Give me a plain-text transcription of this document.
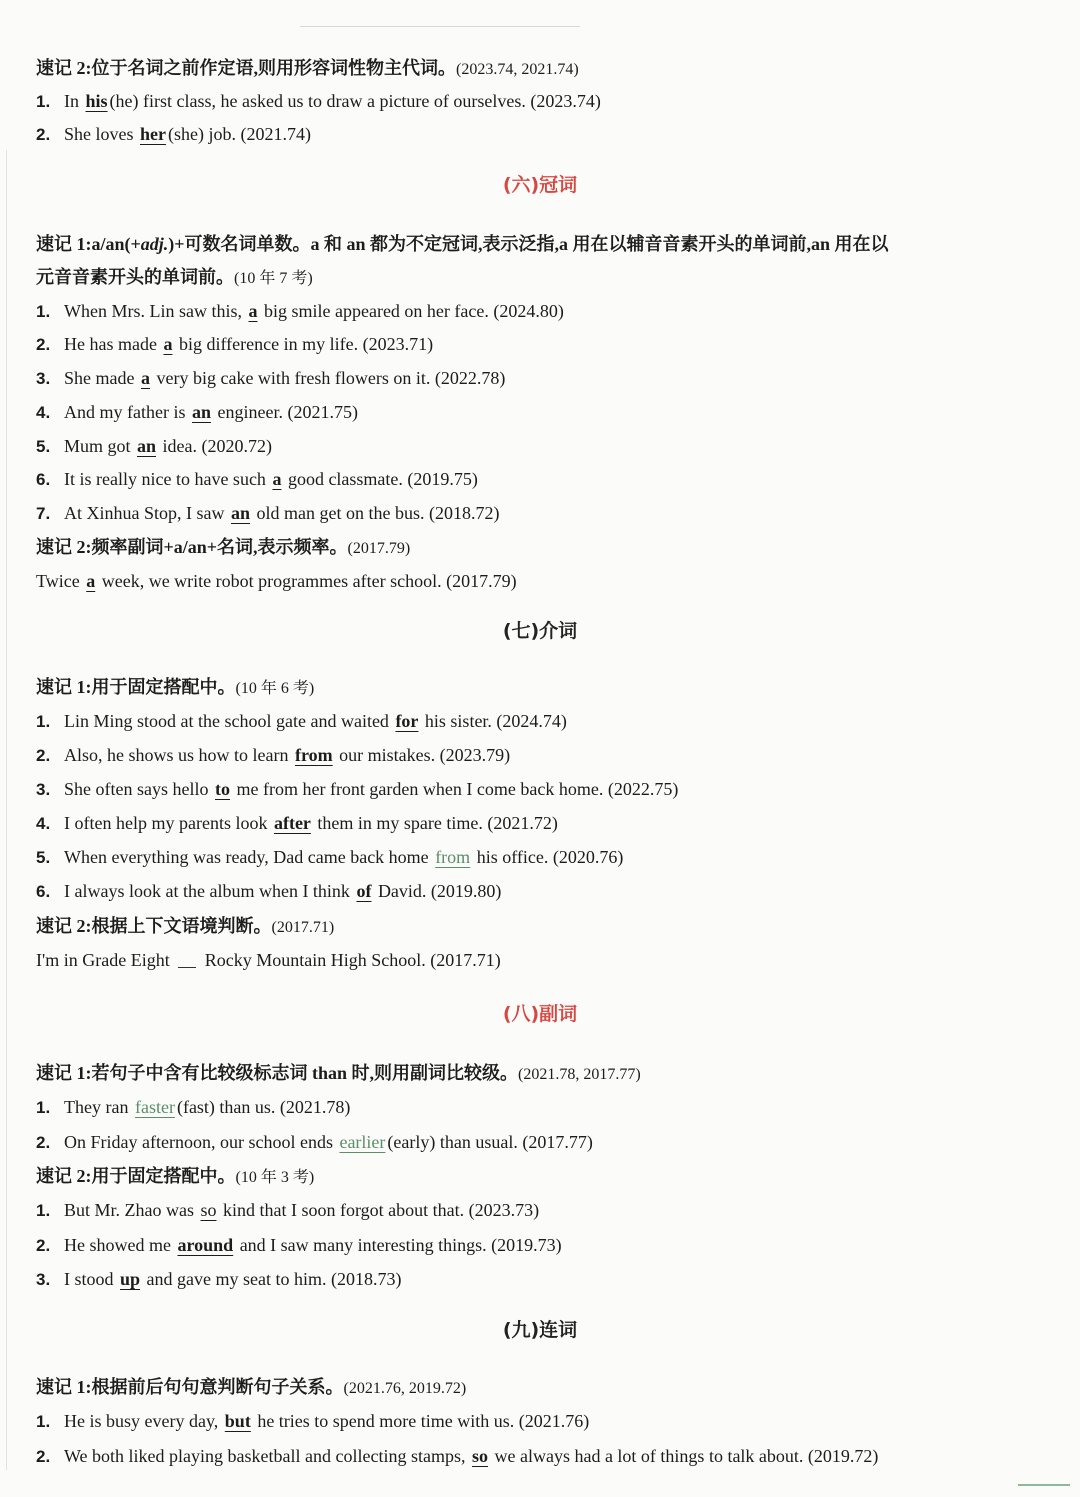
速记 2:位于名词之前作定语,则用形容词性物主代词。(2023.74, 2021.74)
1. In his (he) first class, he asked us to draw a picture of ourselves. (2023.74)
2. She loves her (she) job. (2021.74)
(六)冠词
速记 1:a/an(+adj.)+可数名词单数。a 和 an 都为不定冠词,表示泛指,a 用在以辅音音素开头的单词前,an 用在以
元音音素开头的单词前。(10 年 7 考)
1. When Mrs. Lin saw this, a big smile appeared on her face. (2024.80)
2. He has made a big difference in my life. (2023.71)
3. She made a very big cake with fresh flowers on it. (2022.78)
4. And my father is an engineer. (2021.75)
5. Mum got an idea. (2020.72)
6. It is really nice to have such a good classmate. (2019.75)
7. At Xinhua Stop, I saw an old man get on the bus. (2018.72)
速记 2:频率副词+a/an+名词,表示频率。(2017.79)
Twice a week, we write robot programmes after school. (2017.79)
(七)介词
速记 1:用于固定搭配中。(10 年 6 考)
1. Lin Ming stood at the school gate and waited for his sister. (2024.74)
2. Also, he shows us how to learn from our mistakes. (2023.79)
3. She often says hello to me from her front garden when I come back home. (2022.75)
4. I often help my parents look after them in my spare time. (2021.72)
5. When everything was ready, Dad came back home from his office. (2020.76)
6. I always look at the album when I think of David. (2019.80)
速记 2:根据上下文语境判断。(2017.71)
I'm in Grade Eight  Rocky Mountain High School. (2017.71)
(八)副词
速记 1:若句子中含有比较级标志词 than 时,则用副词比较级。(2021.78, 2017.77)
1. They ran faster (fast) than us. (2021.78)
2. On Friday afternoon, our school ends earlier (early) than usual. (2017.77)
速记 2:用于固定搭配中。(10 年 3 考)
1. But Mr. Zhao was so kind that I soon forgot about that. (2023.73)
2. He showed me around and I saw many interesting things. (2019.73)
3. I stood up and gave my seat to him. (2018.73)
(九)连词
速记 1:根据前后句句意判断句子关系。(2021.76, 2019.72)
1. He is busy every day, but he tries to spend more time with us. (2021.76)
2. We both liked playing basketball and collecting stamps, so we always had a lot of things to talk about. (2019.72)
